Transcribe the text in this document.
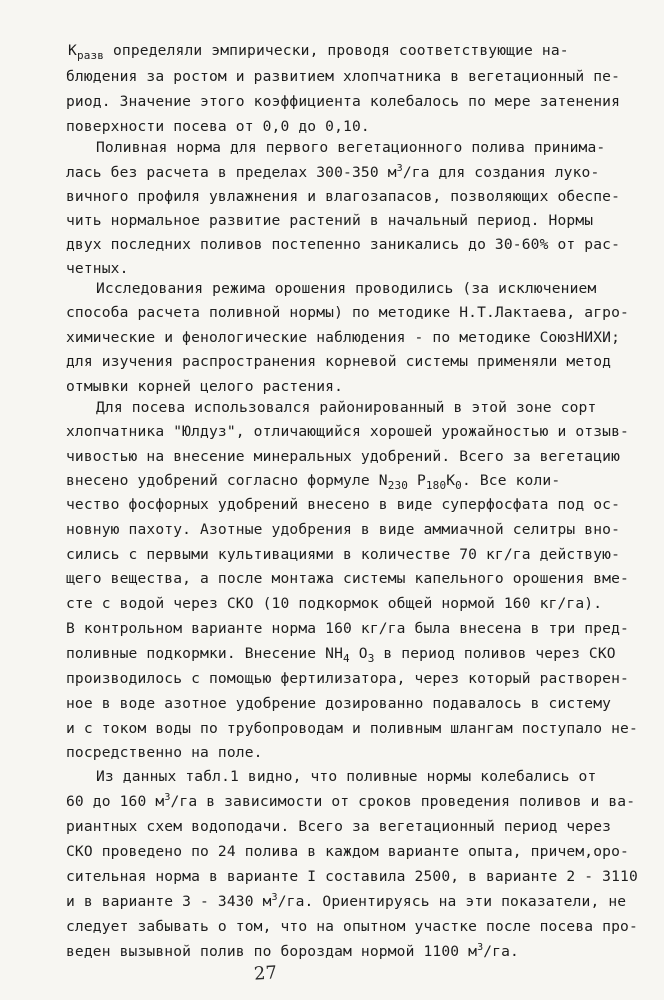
$K_{разв}$ определяли эмпирически, проводя соответствующие на-
блюдения за ростом и развитием хлопчатника в вегетационный пе-
риод. Значение этого коэффициента колебалось по мере затенения
поверхности посева от 0,0 до 0,10.
Поливная норма для первого вегетационного полива принима-
лась без расчета в пределах 300-350 $м^3/га$ для создания луко-
вичного профиля увлажнения и влагозапасов, позволяющих обеспе-
чить нормальное развитие растений в начальный период. Нормы
двух последних поливов постепенно заникались до 30-60% от рас-
четных.
Исследования режима орошения проводились (за исключением
способа расчета поливной нормы) по методике Н.Т.Лактаева, агро-
химические и фенологические наблюдения - по методике СоюзНИХИ;
для изучения распространения корневой системы применяли метод
отмывки корней целого растения.
Для посева использовался районированный в этой зоне сорт
хлопчатника "Юлдуз", отличающийся хорошей урожайностью и отзыв-
чивостью на внесение минеральных удобрений. Всего за вегетацию
внесено удобрений согласно формуле $N_{230}$ $P_{180}K_0$. Все коли-
чество фосфорных удобрений внесено в виде суперфосфата под ос-
новную пахоту. Азотные удобрения в виде аммиачной селитры вно-
сились с первыми культивациями в количестве 70 кг/га действую-
щего вещества, а после монтажа системы капельного орошения вме-
сте с водой через СКО (10 подкормок общей нормой 160 кг/га).
В контрольном варианте норма 160 кг/га была внесена в три пред-
поливные подкормки. Внесение $NH_4$ $O_3$ в период поливов через СКО
производилось с помощью фертилизатора, через который растворен-
ное в воде азотное удобрение дозированно подавалось в систему
и с током воды по трубопроводам и поливным шлангам поступало не-
посредственно на поле.
Из данных табл.1 видно, что поливные нормы колебались от
60 до 160 $м^3/га$ в зависимости от сроков проведения поливов и ва-
риантных схем водоподачи. Всего за вегетационный период через
СКО проведено по 24 полива в каждом варианте опыта, причем,оро-
сительная норма в варианте I составила 2500, в варианте 2 - 3110
и в варианте 3 - 3430 $м^3/га$. Ориентируясь на эти показатели, не
следует забывать о том, что на опытном участке после посева про-
веден вызывной полив по бороздам нормой 1100 $м^3/га$.
27
